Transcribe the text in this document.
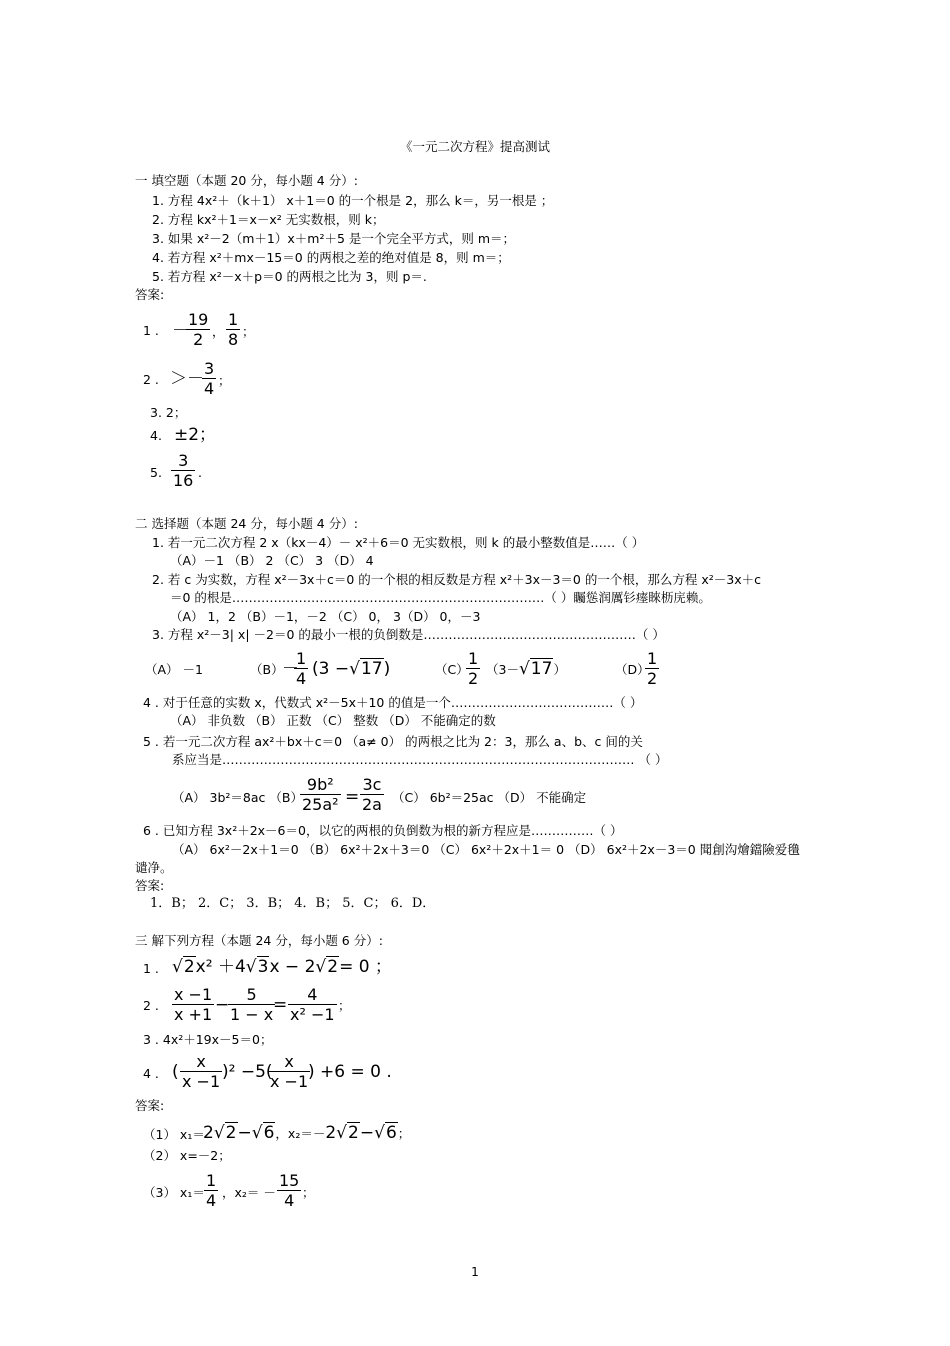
《一元二次方程》提高测试
一 填空题（本题 20 分，每小题 4 分）:
1. 方程 4x²＋（k＋1） x＋1＝0 的一个根是 2，那么 k＝，另一根是 ；
2. 方程 kx²＋1＝x－x² 无实数根，则 k；
3. 如果 x²－2（m＋1）x＋m²＋5 是一个完全平方式，则 m＝；
4. 若方程 x²＋mx－15＝0 的两根之差的绝对值是 8，则 m＝；
5. 若方程 x²－x＋p＝0 的两根之比为 3，则 p＝.
答案:
1 . －
$\frac{19}{2}$ ， $\frac{1}{8}$ ；
2 . ＞－
$\frac{3}{4}$ ；
3. 2；
4. ±2；
5. $\frac{3}{16}$ .
二 选择题（本题 24 分，每小题 4 分）:
1. 若一元二次方程 2 x（kx－4）－ x²＋6＝0 无实数根，则 k 的最小整数值是……（ ）
（A）－1 （B） 2 （C） 3 （D） 4
2. 若 c 为实数，方程 x²－3x＋c＝0 的一个根的相反数是方程 x²＋3x－3＝0 的一个根，那么方程 x²－3x＋c
＝0 的根是…………………………………………………………………（ ）矚慫润厲钐瘗睞枥庑赖。
（A） 1，2 （B）－1，－2 （C） 0， 3（D） 0，－3
3. 方程 x²－3| x| －2＝0 的最小一根的负倒数是……………………………………………（ ）
（A） －1	（B）
－
$\frac{1}{4} (3 -√17)$	（C）
$\frac{1}{2} (3-√17)$	（D）
$\frac{1}{2}$
4 . 对于任意的实数 x，代数式 x²－5x＋10 的值是一个…………………………………（ ）
（A） 非负数 （B） 正数 （C） 整数 （D） 不能确定的数
5 . 若一元二次方程 ax²＋bx＋c＝0 （a≠ 0） 的两根之比为 2：3，那么 a、b、c 间的关
系应当是……………………………………………………………………………………… （ ）
（A） 3b²＝8ac （B）
$\frac{\text{9b²}}{\text{25a²}} = \frac{3c}{2a} (C)$ 6b²＝25ac （D） 不能确定
6 . 已知方程 3x²＋2x－6＝0，以它的两根的负倒数为根的新方程应是……………（ ）
（A） 6x²－2x＋1＝0 （B） 6x²＋2x＋3＝0 （C） 6x²＋2x＋1＝ 0 （D） 6x²＋2x－3＝0 聞創沟燴鐺險爱氇
谴净。
答案:
1．B； 2．C； 3．B； 4．B； 5．C； 6．D．
三 解下列方程（本题 24 分，每小题 6 分）:
1 . √2x² ＋4√3x − 2√2= 0 ；
2 . $\frac{x -1}{x +1}$ −
$\frac{5}{1 - x}$
= $\frac{4}{\text{x² −1}}$ ；
3 . 4x²＋19x－5＝0；
4 . ( $\frac{x}{x -1} )^2 -5$(
$\frac{x}{x -1}$
) +6 = 0 .
答案:
（1） x₁＝
2√2−√6，x₂＝－2√2−√6；
（2） x=－2；
（3） $x_1= \frac{1}{4}$ ，$x_2= - \frac{15}{4}$ ；
1
